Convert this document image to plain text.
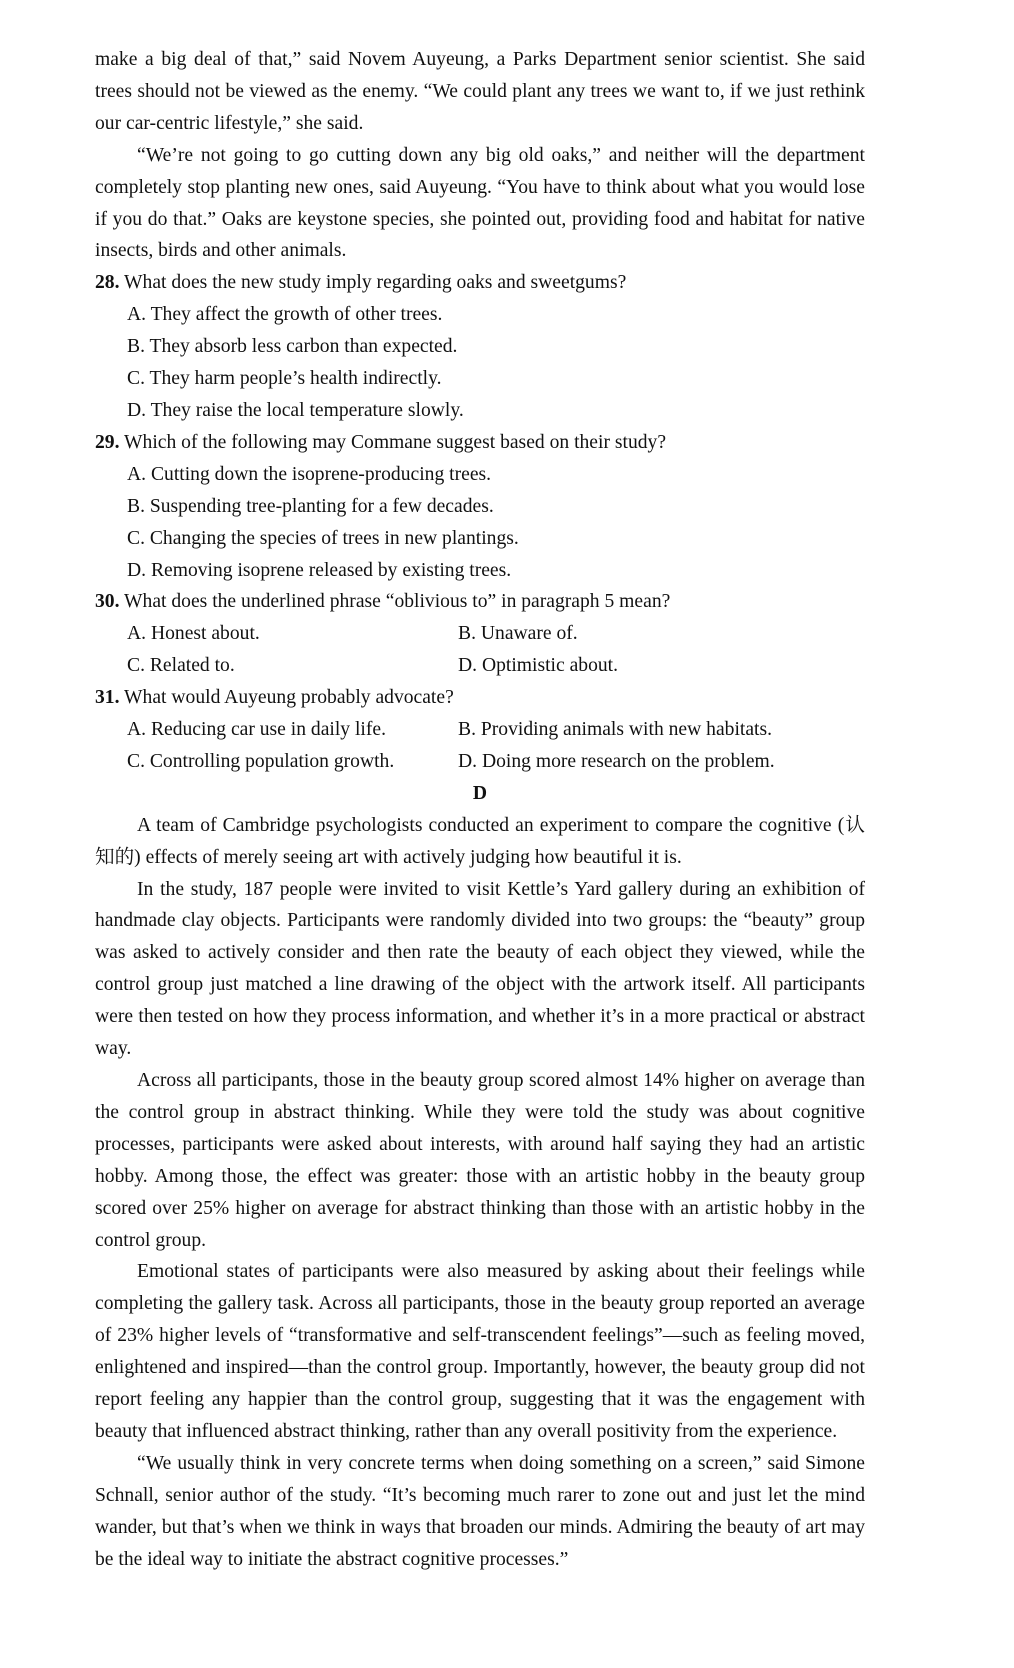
make a big deal of that,” said Novem Auyeung, a Parks Department senior scientist. She said trees should not be viewed as the enemy. “We could plant any trees we want to, if we just rethink our car-centric lifestyle,” she said.

“We’re not going to go cutting down any big old oaks,” and neither will the department completely stop planting new ones, said Auyeung. “You have to think about what you would lose if you do that.” Oaks are keystone species, she pointed out, providing food and habitat for native insects, birds and other animals.

28. What does the new study imply regarding oaks and sweetgums?
A. They affect the growth of other trees.
B. They absorb less carbon than expected.
C. They harm people’s health indirectly.
D. They raise the local temperature slowly.
29. Which of the following may Commane suggest based on their study?
A. Cutting down the isoprene-producing trees.
B. Suspending tree-planting for a few decades.
C. Changing the species of trees in new plantings.
D. Removing isoprene released by existing trees.
30. What does the underlined phrase “oblivious to” in paragraph 5 mean?
A. Honest about.	B. Unaware of.
C. Related to.	D. Optimistic about.
31. What would Auyeung probably advocate?
A. Reducing car use in daily life.	B. Providing animals with new habitats.
C. Controlling population growth.	D. Doing more research on the problem.
D

A team of Cambridge psychologists conducted an experiment to compare the cognitive (认知的) effects of merely seeing art with actively judging how beautiful it is.

In the study, 187 people were invited to visit Kettle’s Yard gallery during an exhibition of handmade clay objects. Participants were randomly divided into two groups: the “beauty” group was asked to actively consider and then rate the beauty of each object they viewed, while the control group just matched a line drawing of the object with the artwork itself. All participants were then tested on how they process information, and whether it’s in a more practical or abstract way.

Across all participants, those in the beauty group scored almost 14% higher on average than the control group in abstract thinking. While they were told the study was about cognitive processes, participants were asked about interests, with around half saying they had an artistic hobby. Among those, the effect was greater: those with an artistic hobby in the beauty group scored over 25% higher on average for abstract thinking than those with an artistic hobby in the control group.

Emotional states of participants were also measured by asking about their feelings while completing the gallery task. Across all participants, those in the beauty group reported an average of 23% higher levels of “transformative and self-transcendent feelings”—such as feeling moved, enlightened and inspired—than the control group. Importantly, however, the beauty group did not report feeling any happier than the control group, suggesting that it was the engagement with beauty that influenced abstract thinking, rather than any overall positivity from the experience.

“We usually think in very concrete terms when doing something on a screen,” said Simone Schnall, senior author of the study. “It’s becoming much rarer to zone out and just let the mind wander, but that’s when we think in ways that broaden our minds. Admiring the beauty of art may be the ideal way to initiate the abstract cognitive processes.”
